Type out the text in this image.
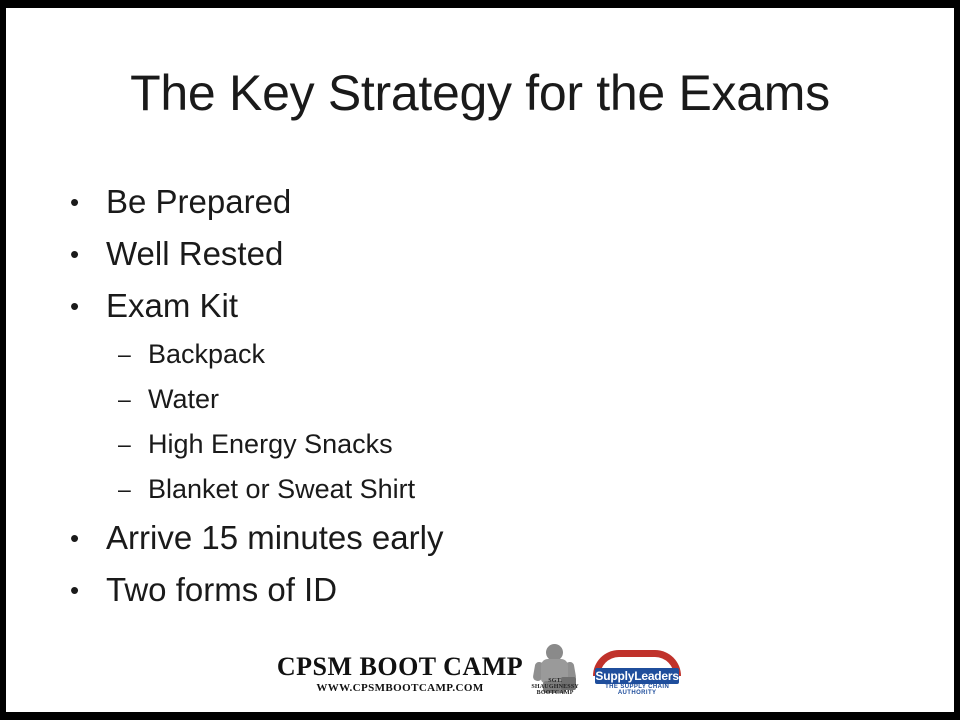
The Key Strategy for the Exams
• Be Prepared
• Well Rested
• Exam Kit
– Backpack
– Water
– High Energy Snacks
– Blanket or Sweat Shirt
• Arrive 15 minutes early
• Two forms of ID
CPSM BOOT CAMP
WWW.CPSMBOOTCAMP.COM
SGT. SHAUGHNESSY BOOTCAMP
SupplyLeaders
THE SUPPLY CHAIN AUTHORITY
